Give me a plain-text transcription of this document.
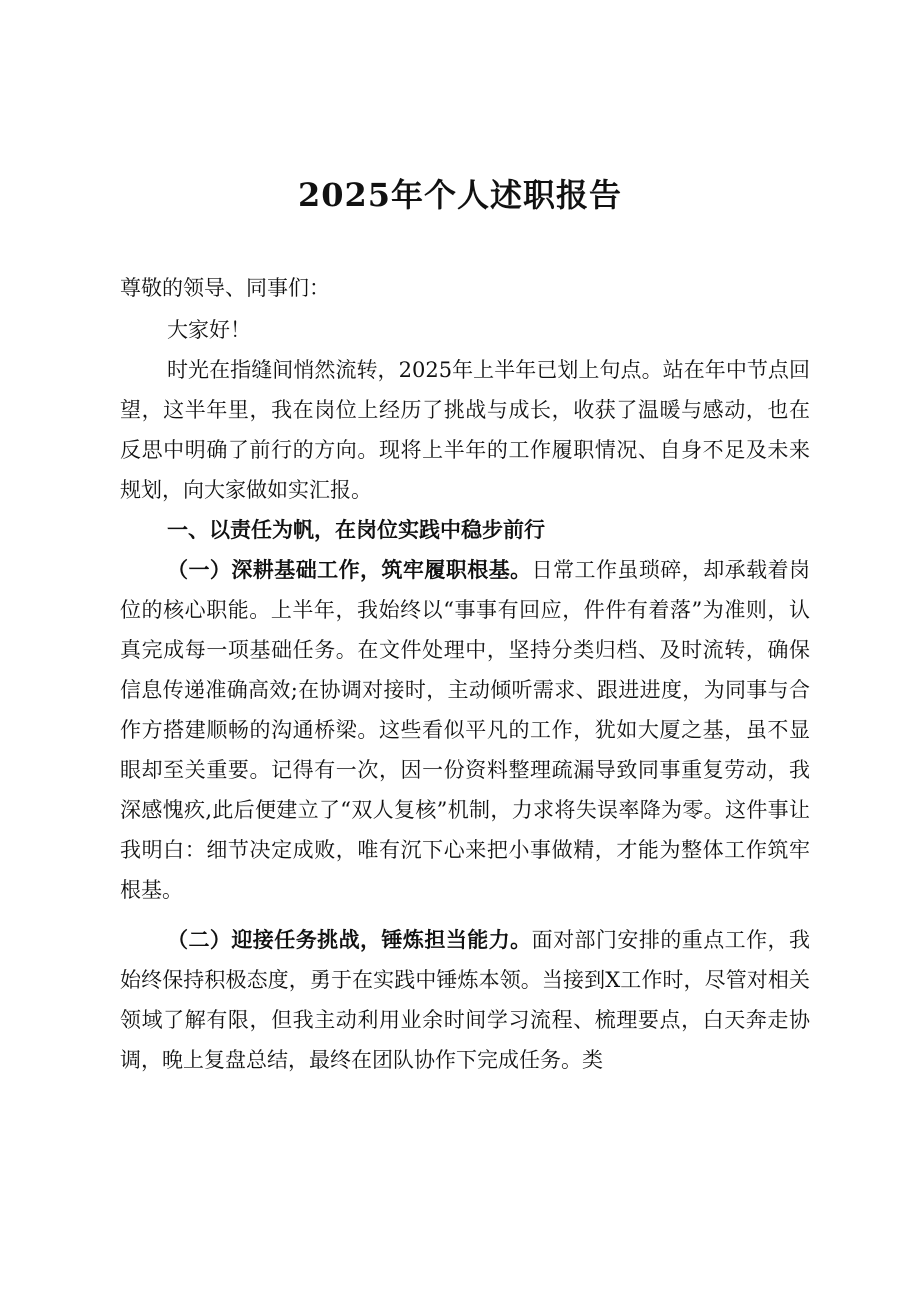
2025年个人述职报告

尊敬的领导、同事们：

大家好！

时光在指缝间悄然流转，2025年上半年已划上句点。站在年中节点回望，这半年里，我在岗位上经历了挑战与成长，收获了温暖与感动，也在反思中明确了前行的方向。现将上半年的工作履职情况、自身不足及未来规划，向大家做如实汇报。

一、以责任为帆，在岗位实践中稳步前行

（一）深耕基础工作，筑牢履职根基。日常工作虽琐碎，却承载着岗位的核心职能。上半年，我始终以“事事有回应，件件有着落”为准则，认真完成每一项基础任务。在文件处理中，坚持分类归档、及时流转，确保信息传递准确高效;在协调对接时，主动倾听需求、跟进进度，为同事与合作方搭建顺畅的沟通桥梁。这些看似平凡的工作，犹如大厦之基，虽不显眼却至关重要。记得有一次，因一份资料整理疏漏导致同事重复劳动，我深感愧疚,此后便建立了“双人复核”机制，力求将失误率降为零。这件事让我明白：细节决定成败，唯有沉下心来把小事做精，才能为整体工作筑牢根基。

（二）迎接任务挑战，锤炼担当能力。面对部门安排的重点工作，我始终保持积极态度，勇于在实践中锤炼本领。当接到X工作时，尽管对相关领域了解有限，但我主动利用业余时间学习流程、梳理要点，白天奔走协调，晚上复盘总结，最终在团队协作下完成任务。类
